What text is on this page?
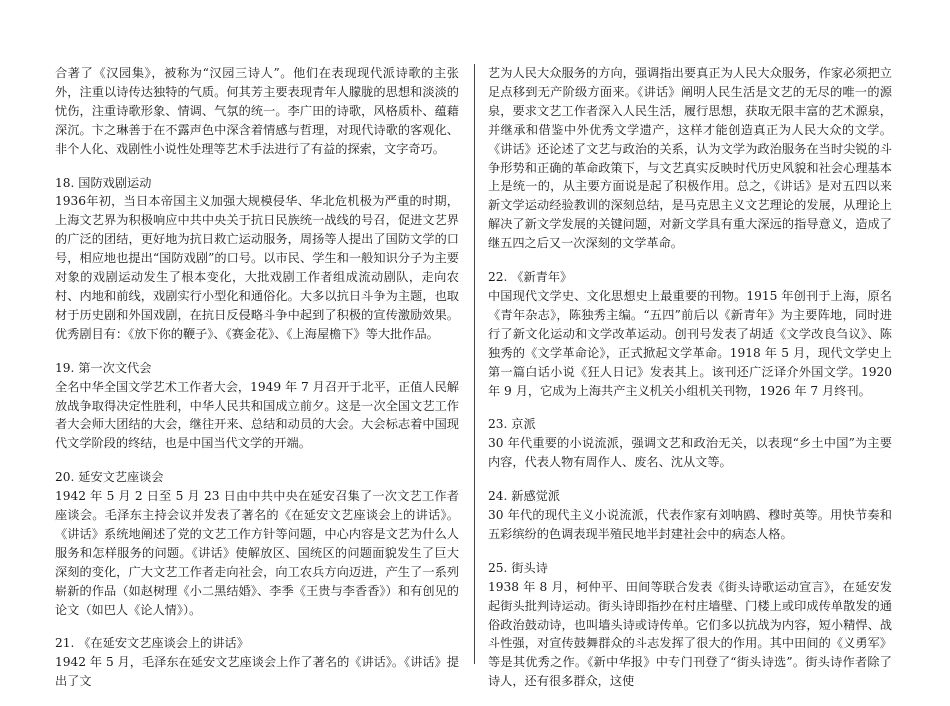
合著了《汉园集》，被称为“汉园三诗人”。他们在表现现代派诗歌的主张外，注重以诗传达独特的气质。何其芳主要表现青年人朦胧的思想和淡淡的忧伤，注重诗歌形象、情调、气氛的统一。李广田的诗歌，风格质朴、蕴藉深沉。卞之琳善于在不露声色中深含着情感与哲理，对现代诗歌的客观化、非个人化、戏剧性小说性处理等艺术手法进行了有益的探索，文字奇巧。

18. 国防戏剧运动

1936年初，当日本帝国主义加强大规模侵华、华北危机极为严重的时期，上海文艺界为积极响应中共中央关于抗日民族统一战线的号召，促进文艺界的广泛的团结，更好地为抗日救亡运动服务，周扬等人提出了国防文学的口号，相应地也提出“国防戏剧”的口号。以市民、学生和一般知识分子为主要对象的戏剧运动发生了根本变化，大批戏剧工作者组成流动剧队，走向农村、内地和前线，戏剧实行小型化和通俗化。大多以抗日斗争为主题，也取材于历史剧和外国戏剧，在抗日反侵略斗争中起到了积极的宣传激励效果。优秀剧目有：《放下你的鞭子》、《赛金花》、《上海屋檐下》等大批作品。

19. 第一次文代会

全名中华全国文学艺术工作者大会，1949 年 7 月召开于北平，正值人民解放战争取得决定性胜利，中华人民共和国成立前夕。这是一次全国文艺工作者大会师大团结的大会，继往开来、总结和动员的大会。大会标志着中国现代文学阶段的终结，也是中国当代文学的开端。

20. 延安文艺座谈会

1942 年 5 月 2 日至 5 月 23 日由中共中央在延安召集了一次文艺工作者座谈会。毛泽东主持会议并发表了著名的《在延安文艺座谈会上的讲话》。《讲话》系统地阐述了党的文艺工作方针等问题，中心内容是文艺为什么人服务和怎样服务的问题。《讲话》使解放区、国统区的问题面貌发生了巨大深刻的变化，广大文艺工作者走向社会，向工农兵方向迈进，产生了一系列崭新的作品（如赵树理《小二黑结婚》、李季《王贵与李香香》）和有创见的论文（如巴人《论人情》）。

21. 《在延安文艺座谈会上的讲话》

1942 年 5 月，毛泽东在延安文艺座谈会上作了著名的《讲话》。《讲话》提出了文

艺为人民大众服务的方向，强调指出要真正为人民大众服务，作家必须把立足点移到无产阶级方面来。《讲话》阐明人民生活是文艺的无尽的唯一的源泉，要求文艺工作者深入人民生活，履行思想，获取无限丰富的艺术源泉，并继承和借鉴中外优秀文学遗产，这样才能创造真正为人民大众的文学。《讲话》还论述了文艺与政治的关系，认为文学为政治服务在当时尖锐的斗争形势和正确的革命政策下，与文艺真实反映时代历史风貌和社会心理基本上是统一的，从主要方面说是起了积极作用。总之，《讲话》是对五四以来新文学运动经验教训的深刻总结，是马克思主义文艺理论的发展，从理论上解决了新文学发展的关键问题，对新文学具有重大深远的指导意义，造成了继五四之后又一次深刻的文学革命。

22. 《新青年》

中国现代文学史、文化思想史上最重要的刊物。1915 年创刊于上海，原名《青年杂志》，陈独秀主编。“五四”前后以《新青年》为主要阵地，同时进行了新文化运动和文学改革运动。创刊号发表了胡适《文学改良刍议》、陈独秀的《文学革命论》，正式掀起文学革命。1918 年 5 月，现代文学史上第一篇白话小说《狂人日记》发表其上。该刊还广泛译介外国文学。1920 年 9 月，它成为上海共产主义机关小组机关刊物，1926 年 7 月终刊。

23. 京派

30 年代重要的小说流派，强调文艺和政治无关，以表现“乡土中国”为主要内容，代表人物有周作人、废名、沈从文等。

24. 新感觉派

30 年代的现代主义小说流派，代表作家有刘呐鸥、穆时英等。用快节奏和五彩缤纷的色调表现半殖民地半封建社会中的病态人格。

25. 街头诗

1938 年 8 月，柯仲平、田间等联合发表《街头诗歌运动宣言》，在延安发起街头批判诗运动。街头诗即指抄在村庄墙壁、门楼上或印成传单散发的通俗政治鼓动诗，也叫墙头诗或诗传单。它们多以抗战为内容，短小精悍、战斗性强，对宣传鼓舞群众的斗志发挥了很大的作用。其中田间的《义勇军》等是其优秀之作。《新中华报》中专门刊登了“街头诗选”。街头诗作者除了诗人，还有很多群众，这使
